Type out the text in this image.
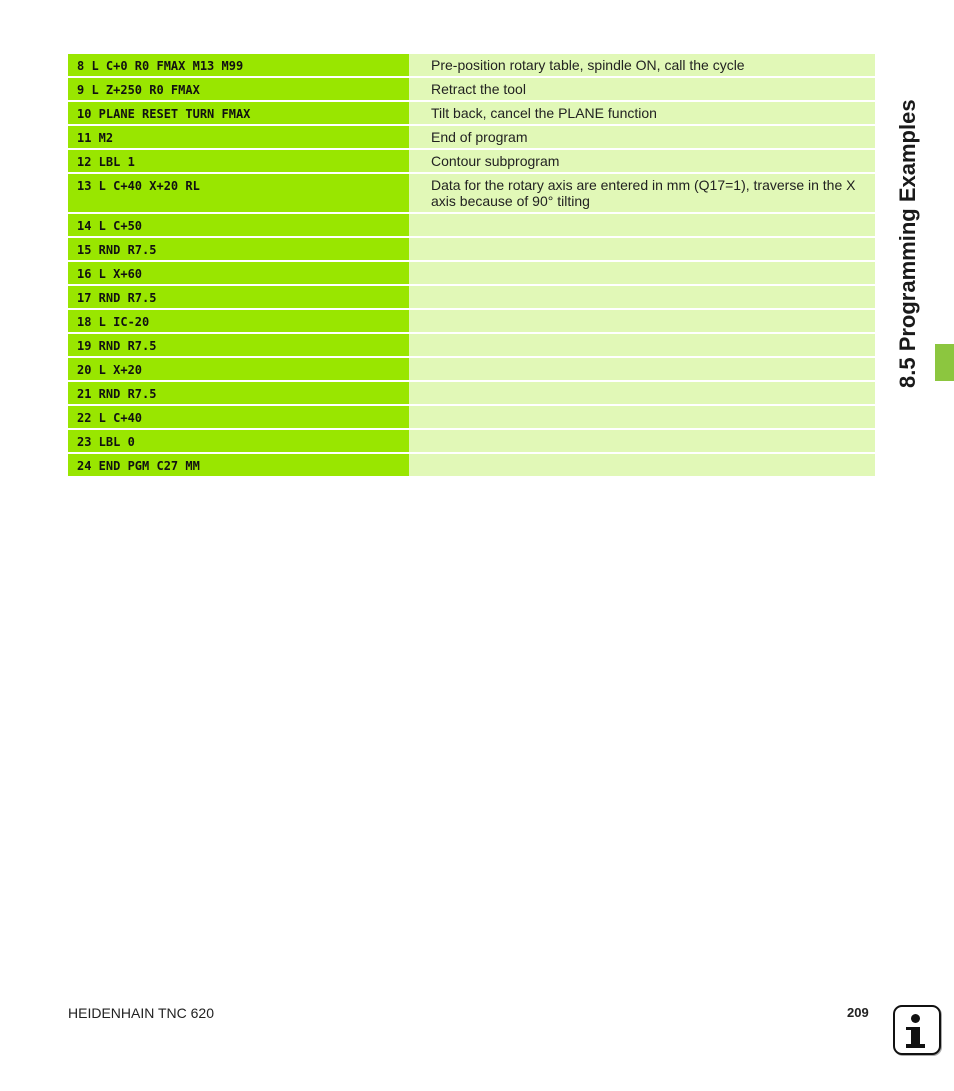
8 L C+0 R0 FMAX M13 M99	Pre-position rotary table, spindle ON, call the cycle
9 L Z+250 R0 FMAX	Retract the tool
10 PLANE RESET TURN FMAX	Tilt back, cancel the PLANE function
11 M2	End of program
12 LBL 1	Contour subprogram
13 L C+40 X+20 RL	Data for the rotary axis are entered in mm (Q17=1), traverse in the X axis because of 90° tilting
14 L C+50
15 RND R7.5
16 L X+60
17 RND R7.5
18 L IC-20
19 RND R7.5
20 L X+20
21 RND R7.5
22 L C+40
23 LBL 0
24 END PGM C27 MM
8.5 Programming Examples
HEIDENHAIN TNC 620	209
